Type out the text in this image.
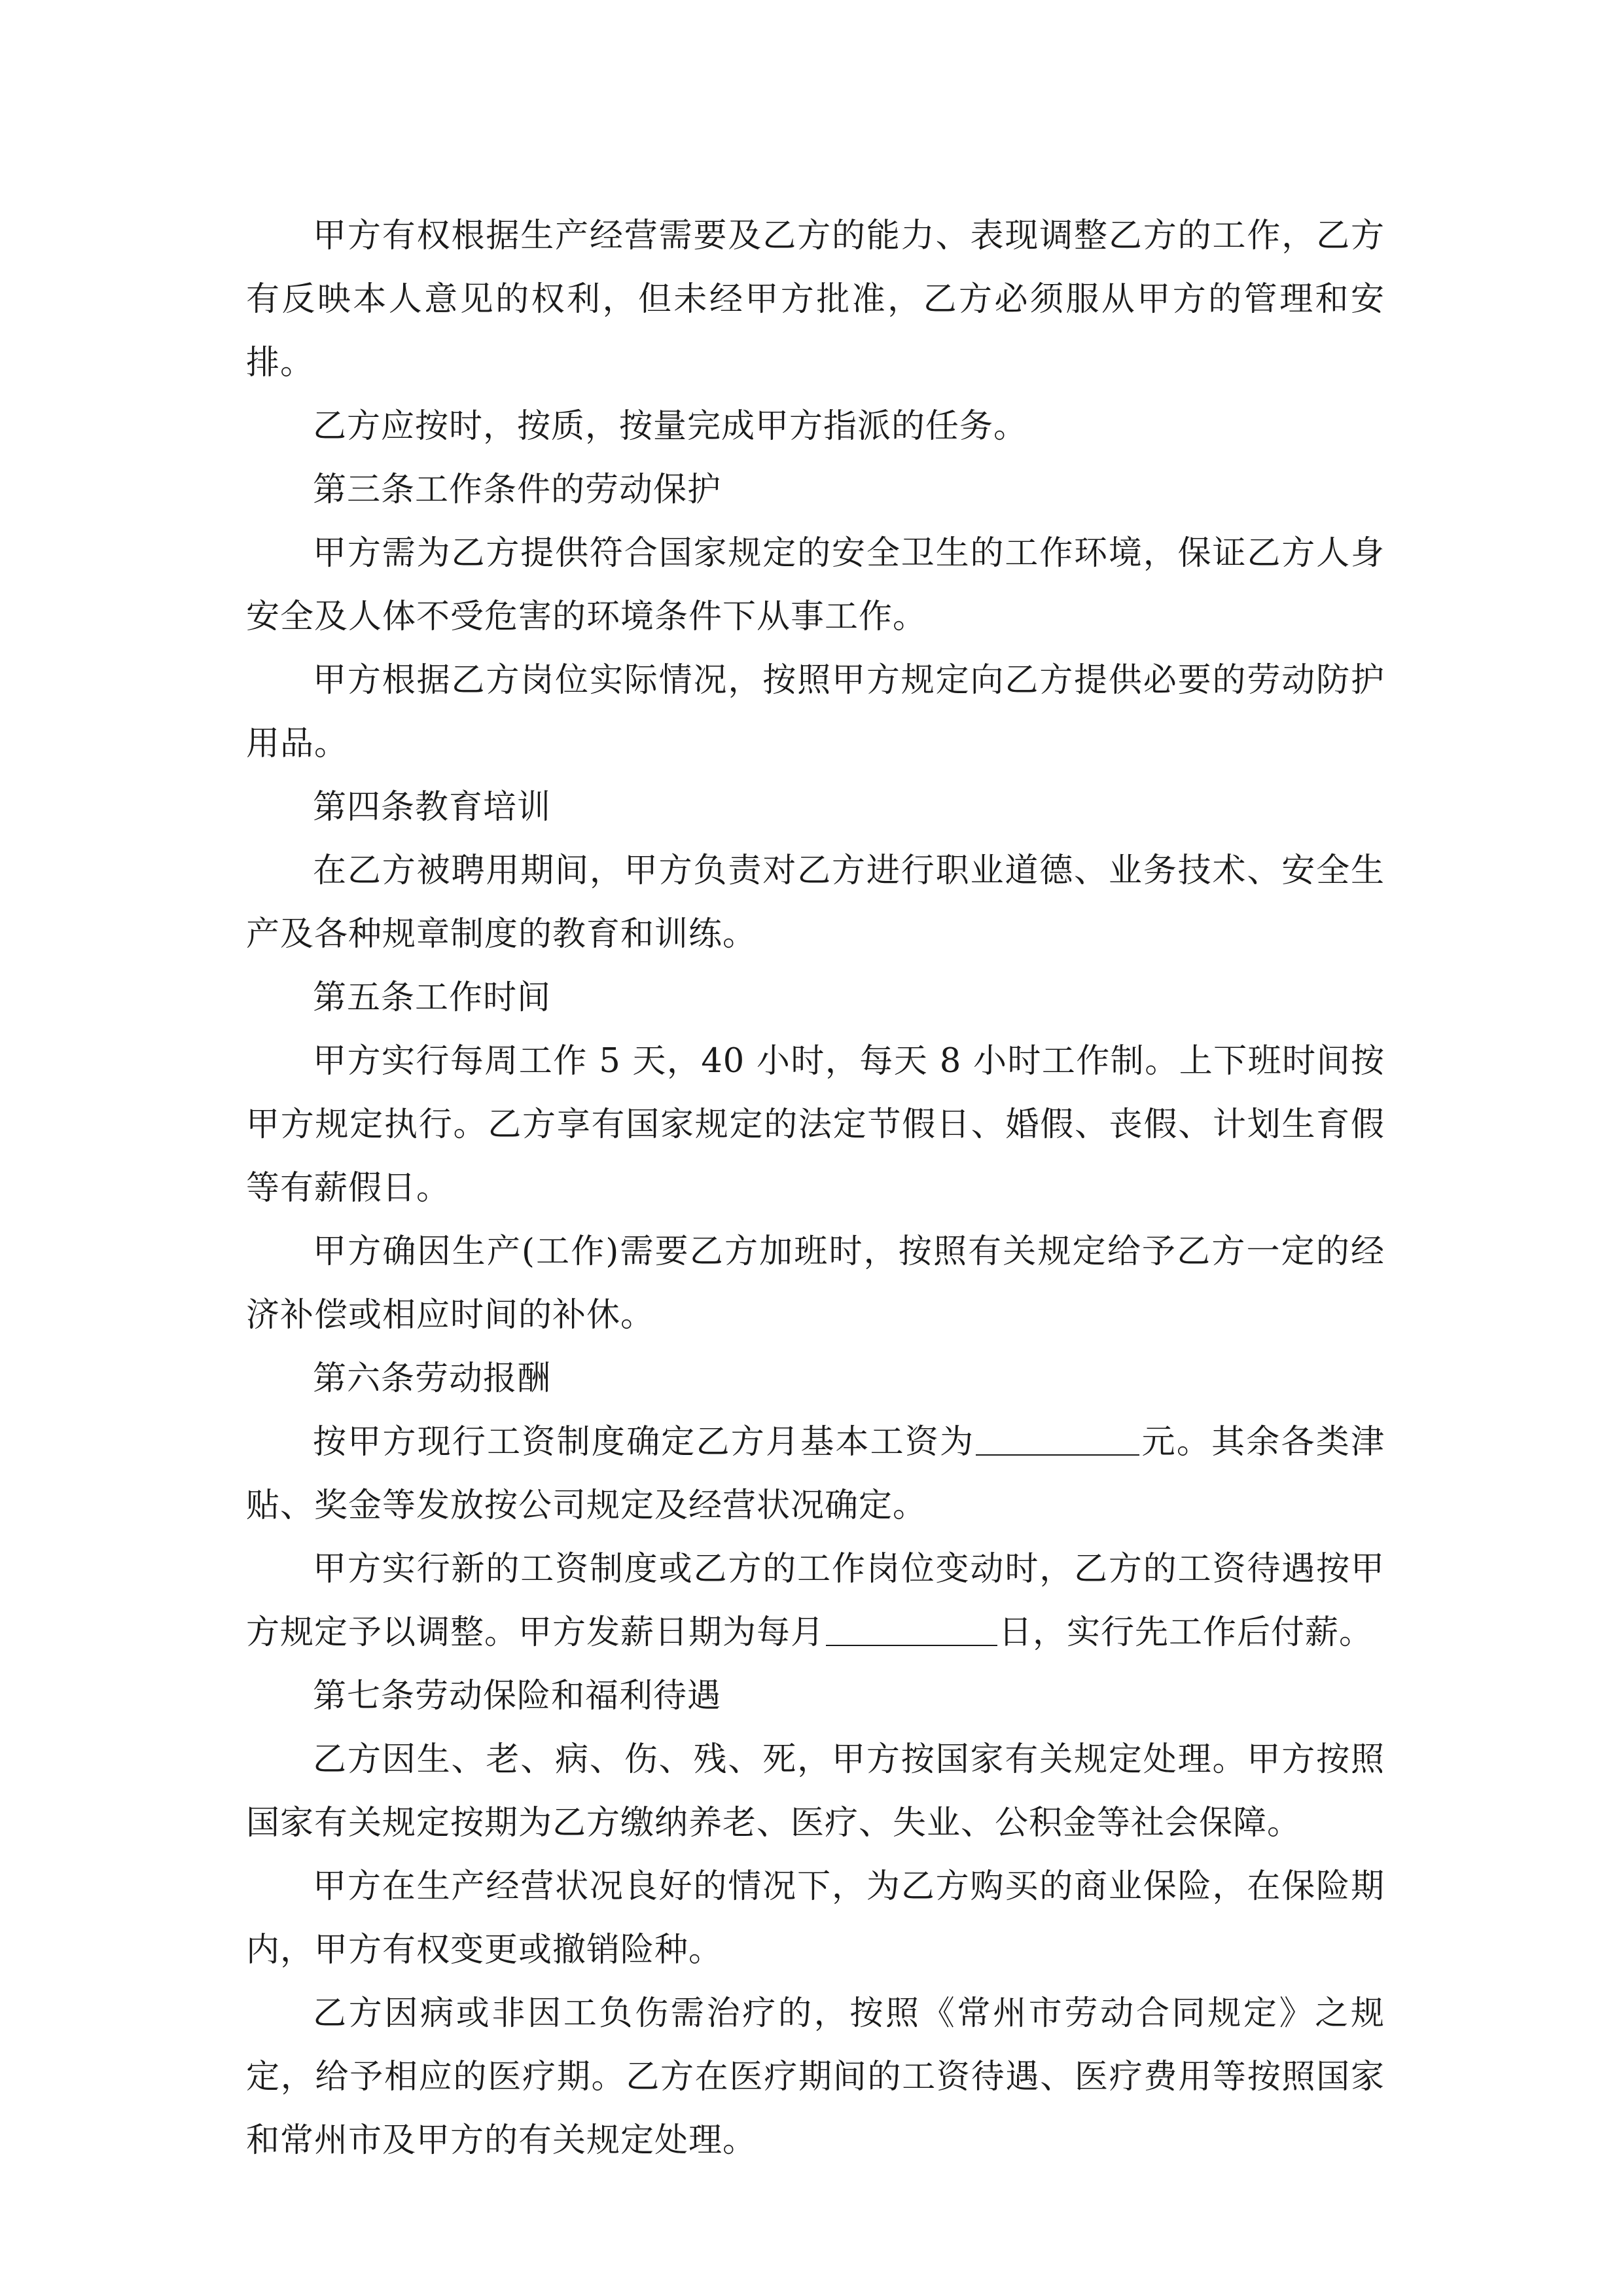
甲方有权根据生产经营需要及乙方的能力、表现调整乙方的工作，乙方有反映本人意见的权利，但未经甲方批准，乙方必须服从甲方的管理和安排。

乙方应按时，按质，按量完成甲方指派的任务。

第三条工作条件的劳动保护

甲方需为乙方提供符合国家规定的安全卫生的工作环境，保证乙方人身安全及人体不受危害的环境条件下从事工作。

甲方根据乙方岗位实际情况，按照甲方规定向乙方提供必要的劳动防护用品。

第四条教育培训

在乙方被聘用期间，甲方负责对乙方进行职业道德、业务技术、安全生产及各种规章制度的教育和训练。

第五条工作时间

甲方实行每周工作 5 天，40 小时，每天 8 小时工作制。上下班时间按甲方规定执行。乙方享有国家规定的法定节假日、婚假、丧假、计划生育假等有薪假日。

甲方确因生产(工作)需要乙方加班时，按照有关规定给予乙方一定的经济补偿或相应时间的补休。

第六条劳动报酬

按甲方现行工资制度确定乙方月基本工资为	元。其余各类津贴、奖金等发放按公司规定及经营状况确定。

甲方实行新的工资制度或乙方的工作岗位变动时，乙方的工资待遇按甲方规定予以调整。甲方发薪日期为每月	日，实行先工作后付薪。

第七条劳动保险和福利待遇

乙方因生、老、病、伤、残、死，甲方按国家有关规定处理。甲方按照国家有关规定按期为乙方缴纳养老、医疗、失业、公积金等社会保障。

甲方在生产经营状况良好的情况下，为乙方购买的商业保险，在保险期内，甲方有权变更或撤销险种。

乙方因病或非因工负伤需治疗的，按照《常州市劳动合同规定》之规定，给予相应的医疗期。乙方在医疗期间的工资待遇、医疗费用等按照国家和常州市及甲方的有关规定处理。
